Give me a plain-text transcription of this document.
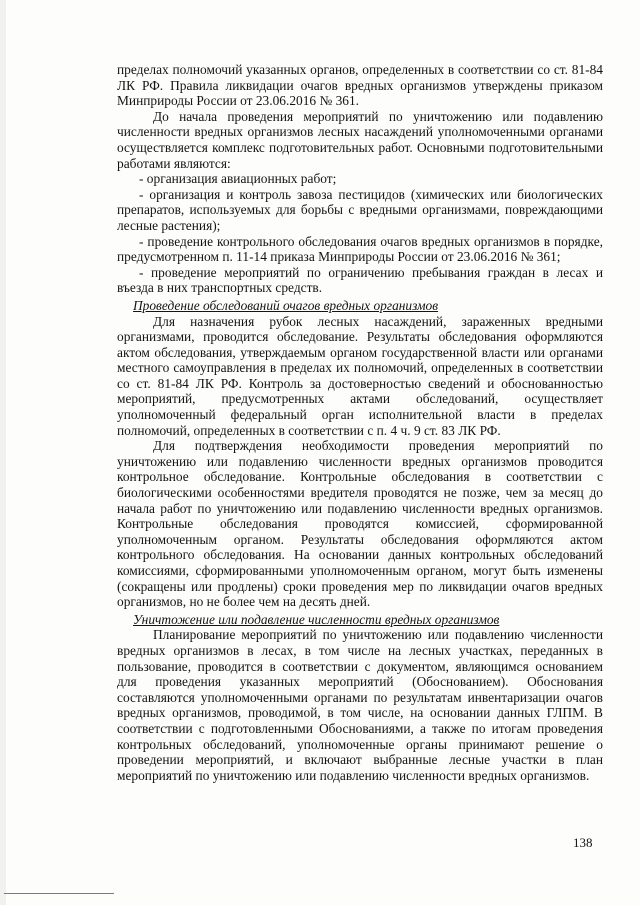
пределах полномочий указанных органов, определенных в соответствии со ст. 81-84 ЛК РФ. Правила ликвидации очагов вредных организмов утверждены приказом Минприроды России от 23.06.2016 № 361.

До начала проведения мероприятий по уничтожению или подавлению численности вредных организмов лесных насаждений уполномоченными органами осуществляется комплекс подготовительных работ. Основными подготовительными работами являются:

- организация авиационных работ;

- организация и контроль завоза пестицидов (химических или биологических препаратов, используемых для борьбы с вредными организмами, повреждающими лесные растения);

- проведение контрольного обследования очагов вредных организмов в порядке, предусмотренном п. 11-14 приказа Минприроды России от 23.06.2016 № 361;

- проведение мероприятий по ограничению пребывания граждан в лесах и въезда в них транспортных средств.

Проведение обследований очагов вредных организмов

Для назначения рубок лесных насаждений, зараженных вредными организмами, проводится обследование. Результаты обследования оформляются актом обследования, утверждаемым органом государственной власти или органами местного самоуправления в пределах их полномочий, определенных в соответствии со ст. 81-84 ЛК РФ. Контроль за достоверностью сведений и обоснованностью мероприятий, предусмотренных актами обследований, осуществляет уполномоченный федеральный орган исполнительной власти в пределах полномочий, определенных в соответствии с п. 4 ч. 9 ст. 83 ЛК РФ.

Для подтверждения необходимости проведения мероприятий по уничтожению или подавлению численности вредных организмов проводится контрольное обследование. Контрольные обследования в соответствии с биологическими особенностями вредителя проводятся не позже, чем за месяц до начала работ по уничтожению или подавлению численности вредных организмов. Контрольные обследования проводятся комиссией, сформированной уполномоченным органом. Результаты обследования оформляются актом контрольного обследования. На основании данных контрольных обследований комиссиями, сформированными уполномоченным органом, могут быть изменены (сокращены или продлены) сроки проведения мер по ликвидации очагов вредных организмов, но не более чем на десять дней.

Уничтожение или подавление численности вредных организмов

Планирование мероприятий по уничтожению или подавлению численности вредных организмов в лесах, в том числе на лесных участках, переданных в пользование, проводится в соответствии с документом, являющимся основанием для проведения указанных мероприятий (Обоснованием). Обоснования составляются уполномоченными органами по результатам инвентаризации очагов вредных организмов, проводимой, в том числе, на основании данных ГЛПМ. В соответствии с подготовленными Обоснованиями, а также по итогам проведения контрольных обследований, уполномоченные органы принимают решение о проведении мероприятий, и включают выбранные лесные участки в план мероприятий по уничтожению или подавлению численности вредных организмов.

138
